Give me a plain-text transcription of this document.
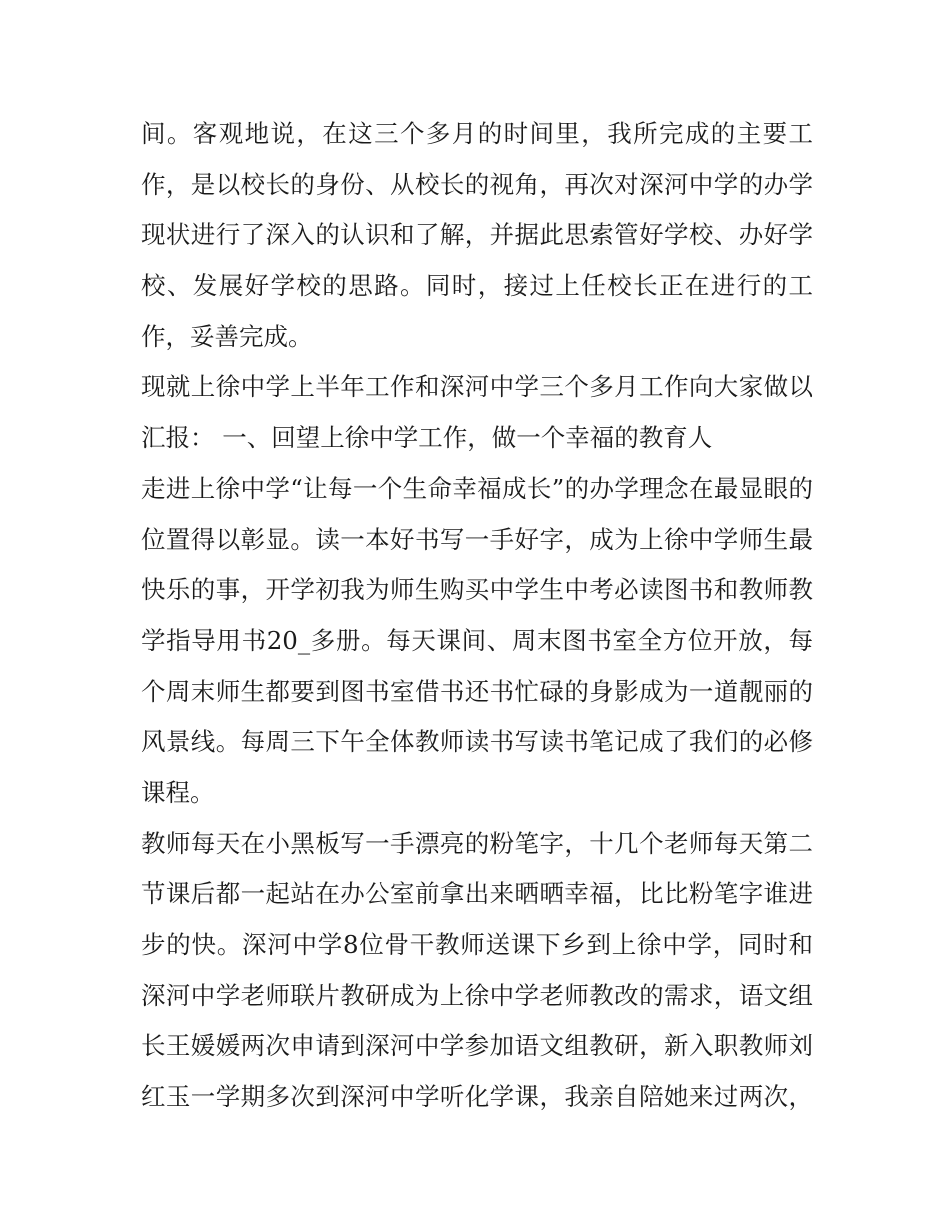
间。客观地说，在这三个多月的时间里，我所完成的主要工
作，是以校长的身份、从校长的视角，再次对深河中学的办学
现状进行了深入的认识和了解，并据此思索管好学校、办好学
校、发展好学校的思路。同时，接过上任校长正在进行的工
作，妥善完成。
现就上徐中学上半年工作和深河中学三个多月工作向大家做以
汇报： 一、回望上徐中学工作，做一个幸福的教育人
走进上徐中学“让每一个生命幸福成长”的办学理念在最显眼的
位置得以彰显。读一本好书写一手好字，成为上徐中学师生最
快乐的事，开学初我为师生购买中学生中考必读图书和教师教
学指导用书20_多册。每天课间、周末图书室全方位开放，每
个周末师生都要到图书室借书还书忙碌的身影成为一道靓丽的
风景线。每周三下午全体教师读书写读书笔记成了我们的必修
课程。
教师每天在小黑板写一手漂亮的粉笔字，十几个老师每天第二
节课后都一起站在办公室前拿出来晒晒幸福，比比粉笔字谁进
步的快。深河中学8位骨干教师送课下乡到上徐中学，同时和
深河中学老师联片教研成为上徐中学老师教改的需求，语文组
长王媛媛两次申请到深河中学参加语文组教研，新入职教师刘
红玉一学期多次到深河中学听化学课，我亲自陪她来过两次，
